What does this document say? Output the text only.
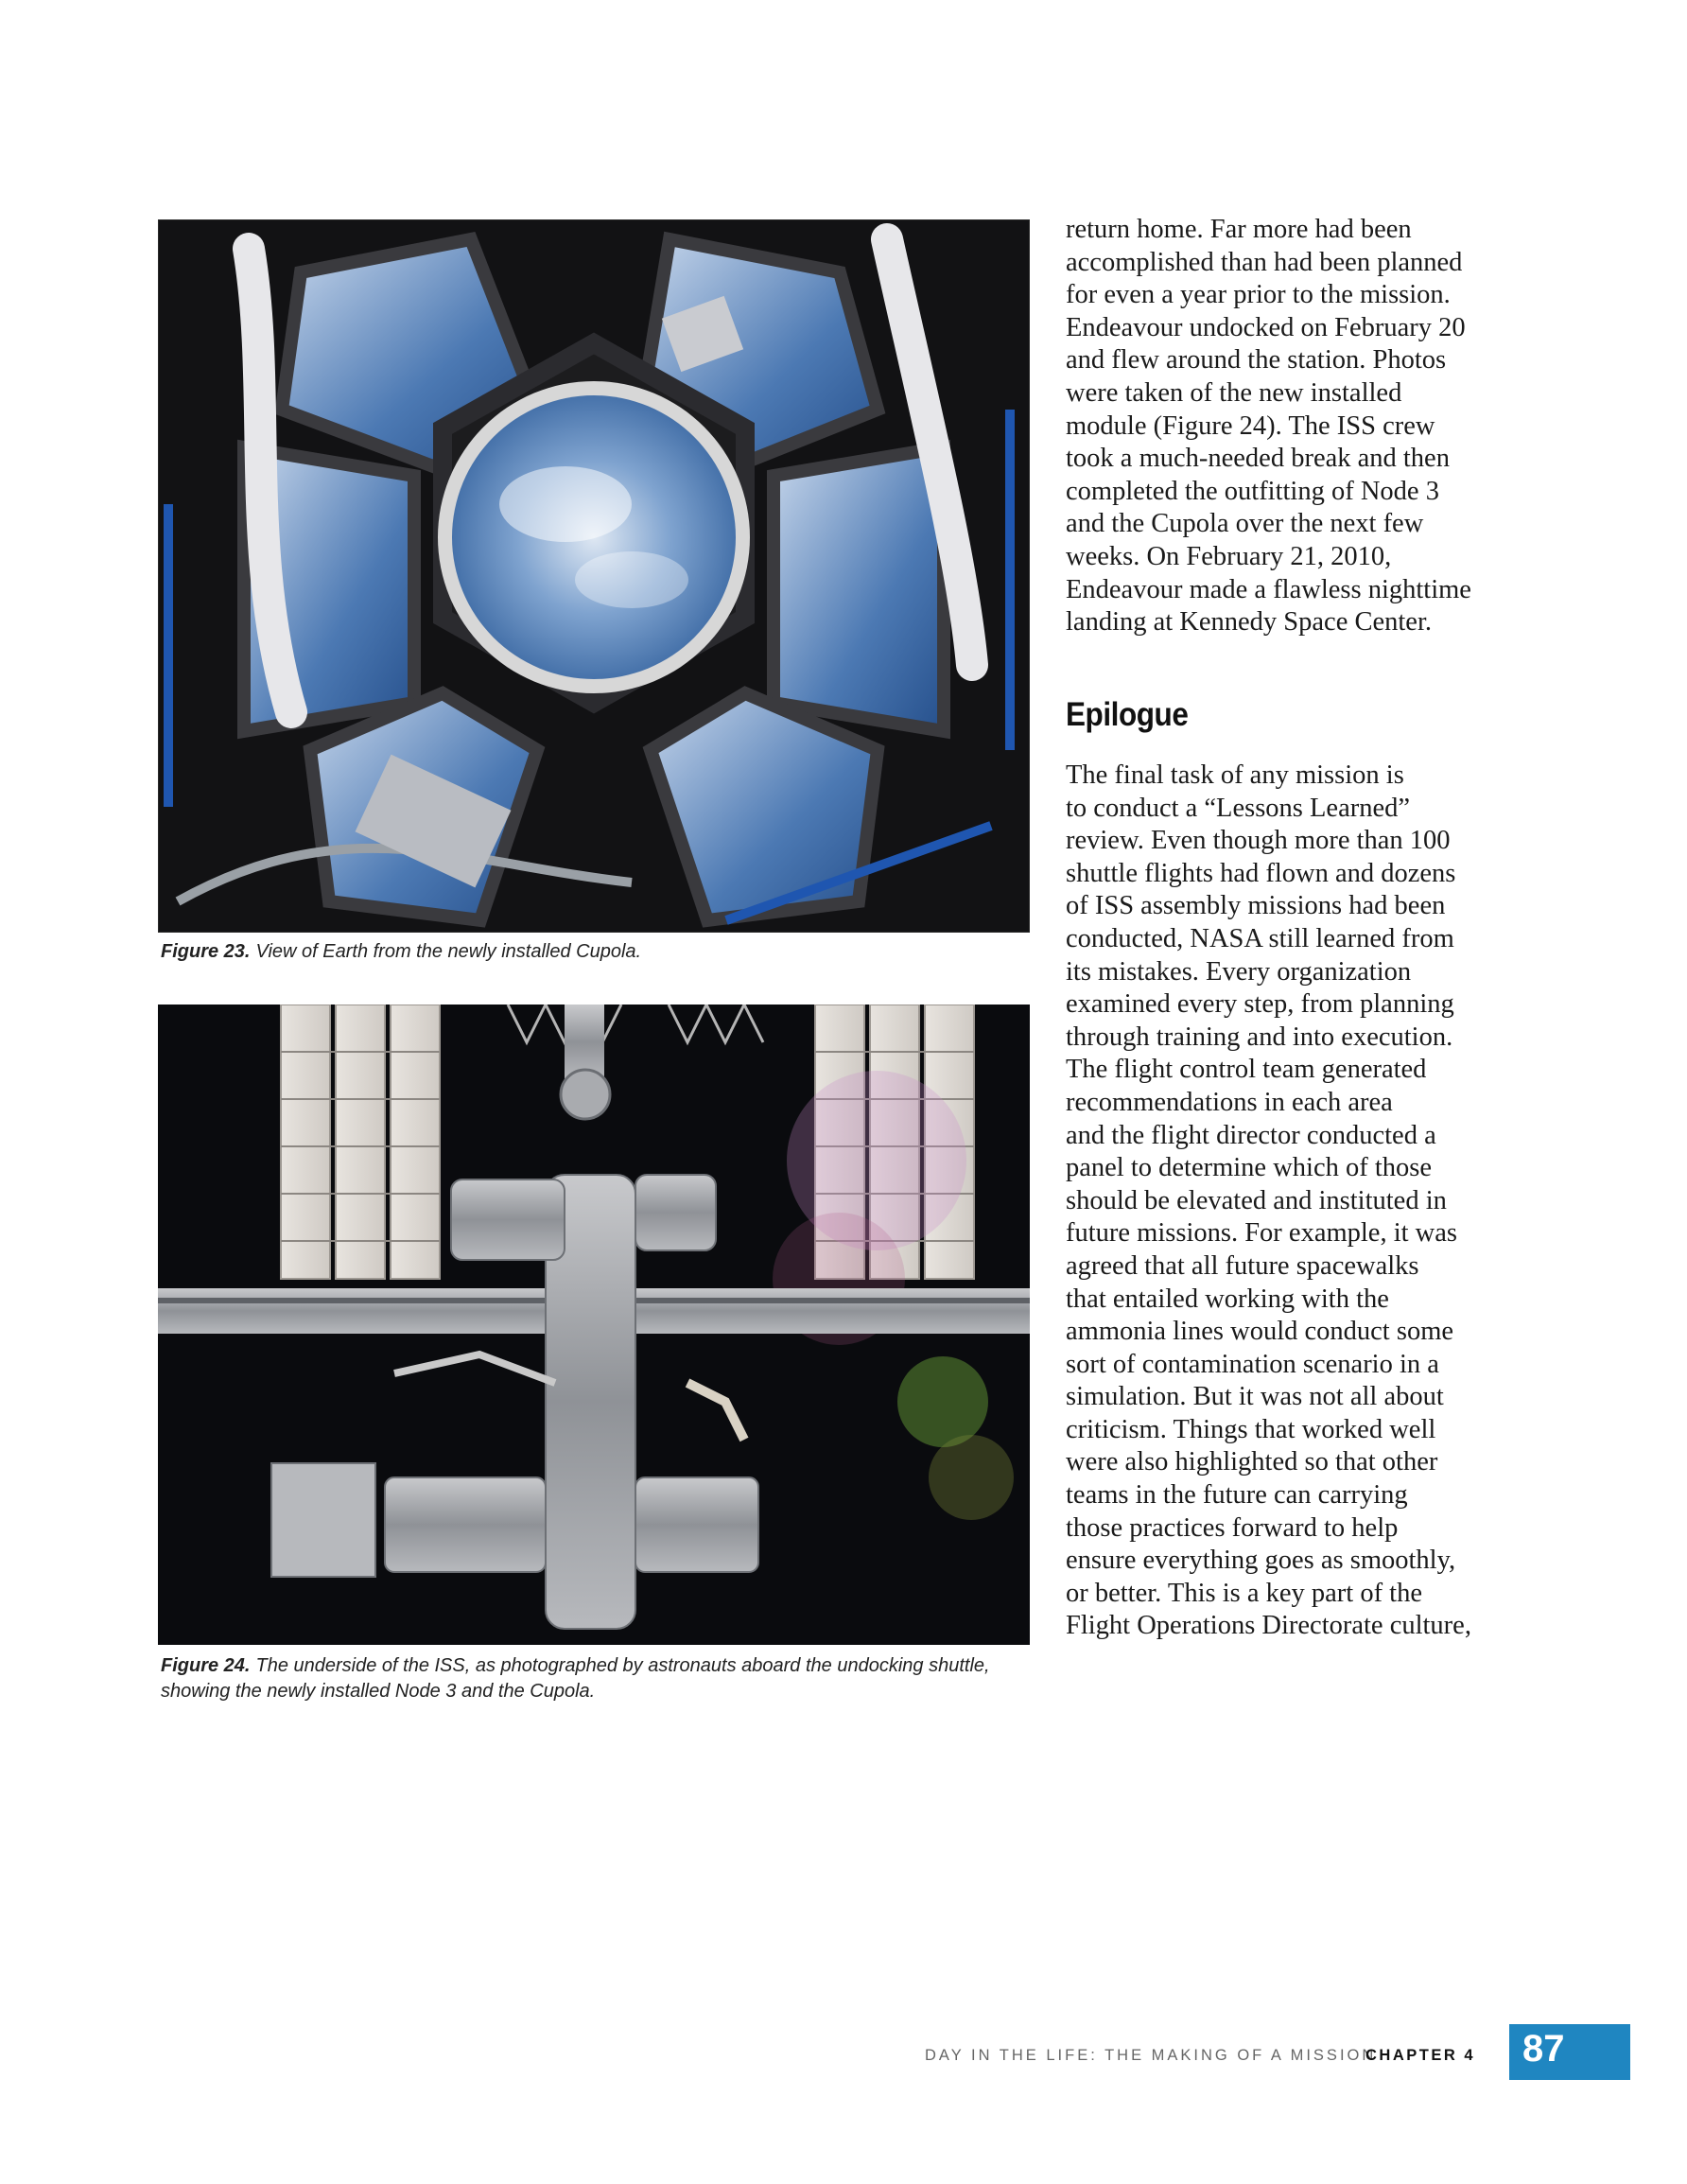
Figure 23. View of Earth from the newly installed Cupola.

Figure 24. The underside of the ISS, as photographed by astronauts aboard the undocking shuttle, showing the newly installed Node 3 and the Cupola.

return home. Far more had been
accomplished than had been planned
for even a year prior to the mission.
Endeavour undocked on February 20
and flew around the station. Photos
were taken of the new installed
module (Figure 24). The ISS crew
took a much-needed break and then
completed the outfitting of Node 3
and the Cupola over the next few
weeks. On February 21, 2010,
Endeavour made a flawless nighttime
landing at Kennedy Space Center.

Epilogue

The final task of any mission is
to conduct a “Lessons Learned”
review. Even though more than 100
shuttle flights had flown and dozens
of ISS assembly missions had been
conducted, NASA still learned from
its mistakes. Every organization
examined every step, from planning
through training and into execution.
The flight control team generated
recommendations in each area
and the flight director conducted a
panel to determine which of those
should be elevated and instituted in
future missions. For example, it was
agreed that all future spacewalks
that entailed working with the
ammonia lines would conduct some
sort of contamination scenario in a
simulation. But it was not all about
criticism. Things that worked well
were also highlighted so that other
teams in the future can carrying
those practices forward to help
ensure everything goes as smoothly,
or better. This is a key part of the
Flight Operations Directorate culture,

DAY IN THE LIFE: THE MAKING OF A MISSION
CHAPTER 4 87
